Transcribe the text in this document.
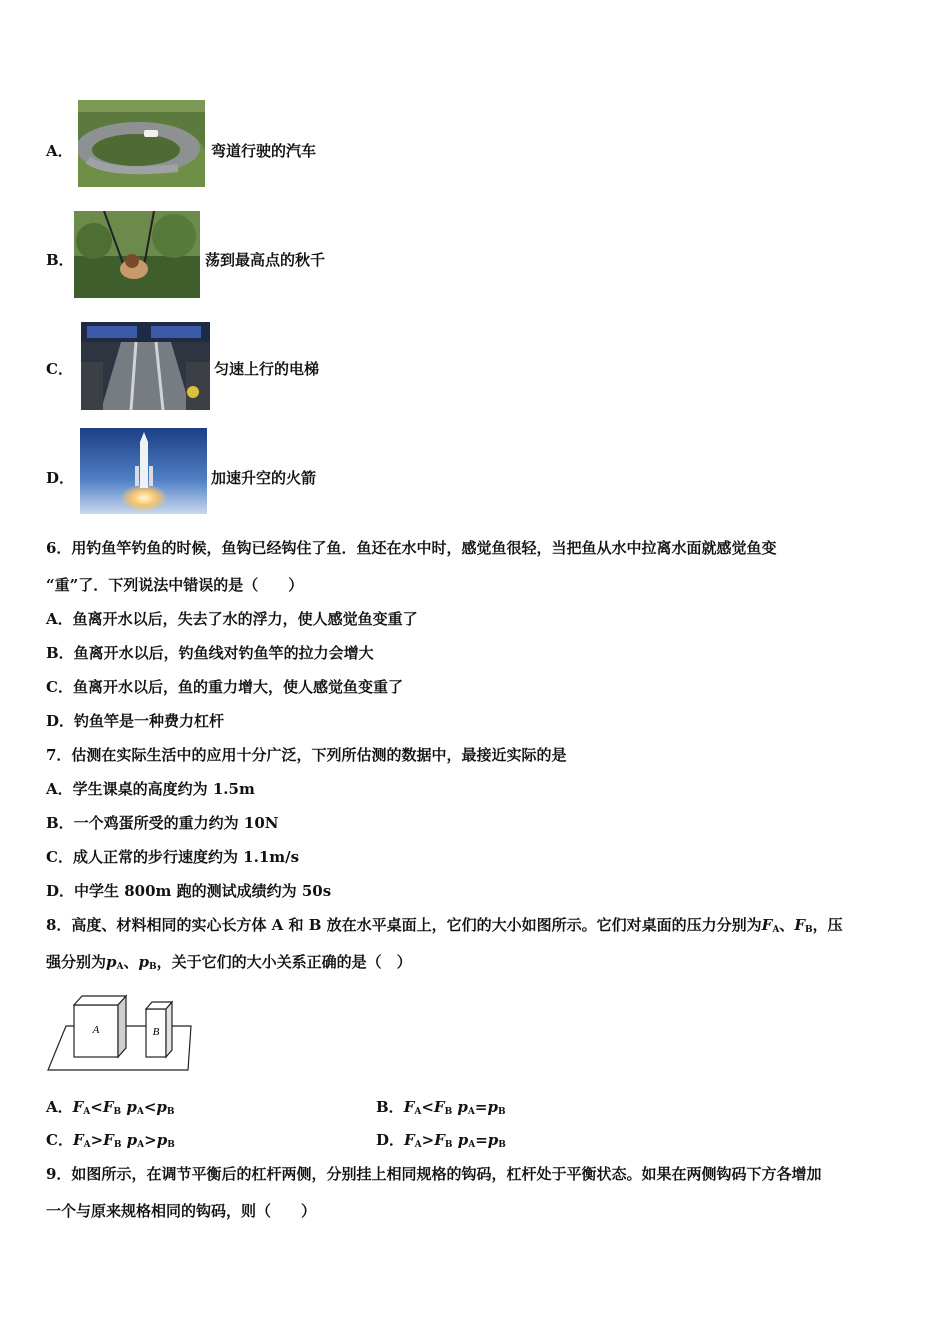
A．	弯道行驶的汽车
B．	荡到最高点的秋千
C．	匀速上行的电梯
D．	加速升空的火箭
6．用钓鱼竿钓鱼的时候，鱼钩已经钩住了鱼．鱼还在水中时，感觉鱼很轻，当把鱼从水中拉离水面就感觉鱼变
“重”了．下列说法中错误的是（　　）
A．鱼离开水以后，失去了水的浮力，使人感觉鱼变重了
B．鱼离开水以后，钓鱼线对钓鱼竿的拉力会增大
C．鱼离开水以后，鱼的重力增大，使人感觉鱼变重了
D．钓鱼竿是一种费力杠杆
7．估测在实际生活中的应用十分广泛，下列所估测的数据中，最接近实际的是
A．学生课桌的高度约为 1.5m
B．一个鸡蛋所受的重力约为 10N
C．成人正常的步行速度约为 1.1m/s
D．中学生 800m 跑的测试成绩约为 50s
8．高度、材料相同的实心长方体 A 和 B 放在水平桌面上，它们的大小如图所示。它们对桌面的压力分别为$F_A$、$F_B$，压
强分别为$p_A$、$p_B$，关于它们的大小关系正确的是（　）
A	B
A．$F_A<F_B$ $p_A<p_B$	B．$F_A<F_B$ $p_A=p_B$
C．$F_A>F_B$ $p_A>p_B$	D．$F_A>F_B$ $p_A=p_B$
9．如图所示，在调节平衡后的杠杆两侧，分别挂上相同规格的钩码，杠杆处于平衡状态。如果在两侧钩码下方各增加
一个与原来规格相同的钩码，则（　　）
